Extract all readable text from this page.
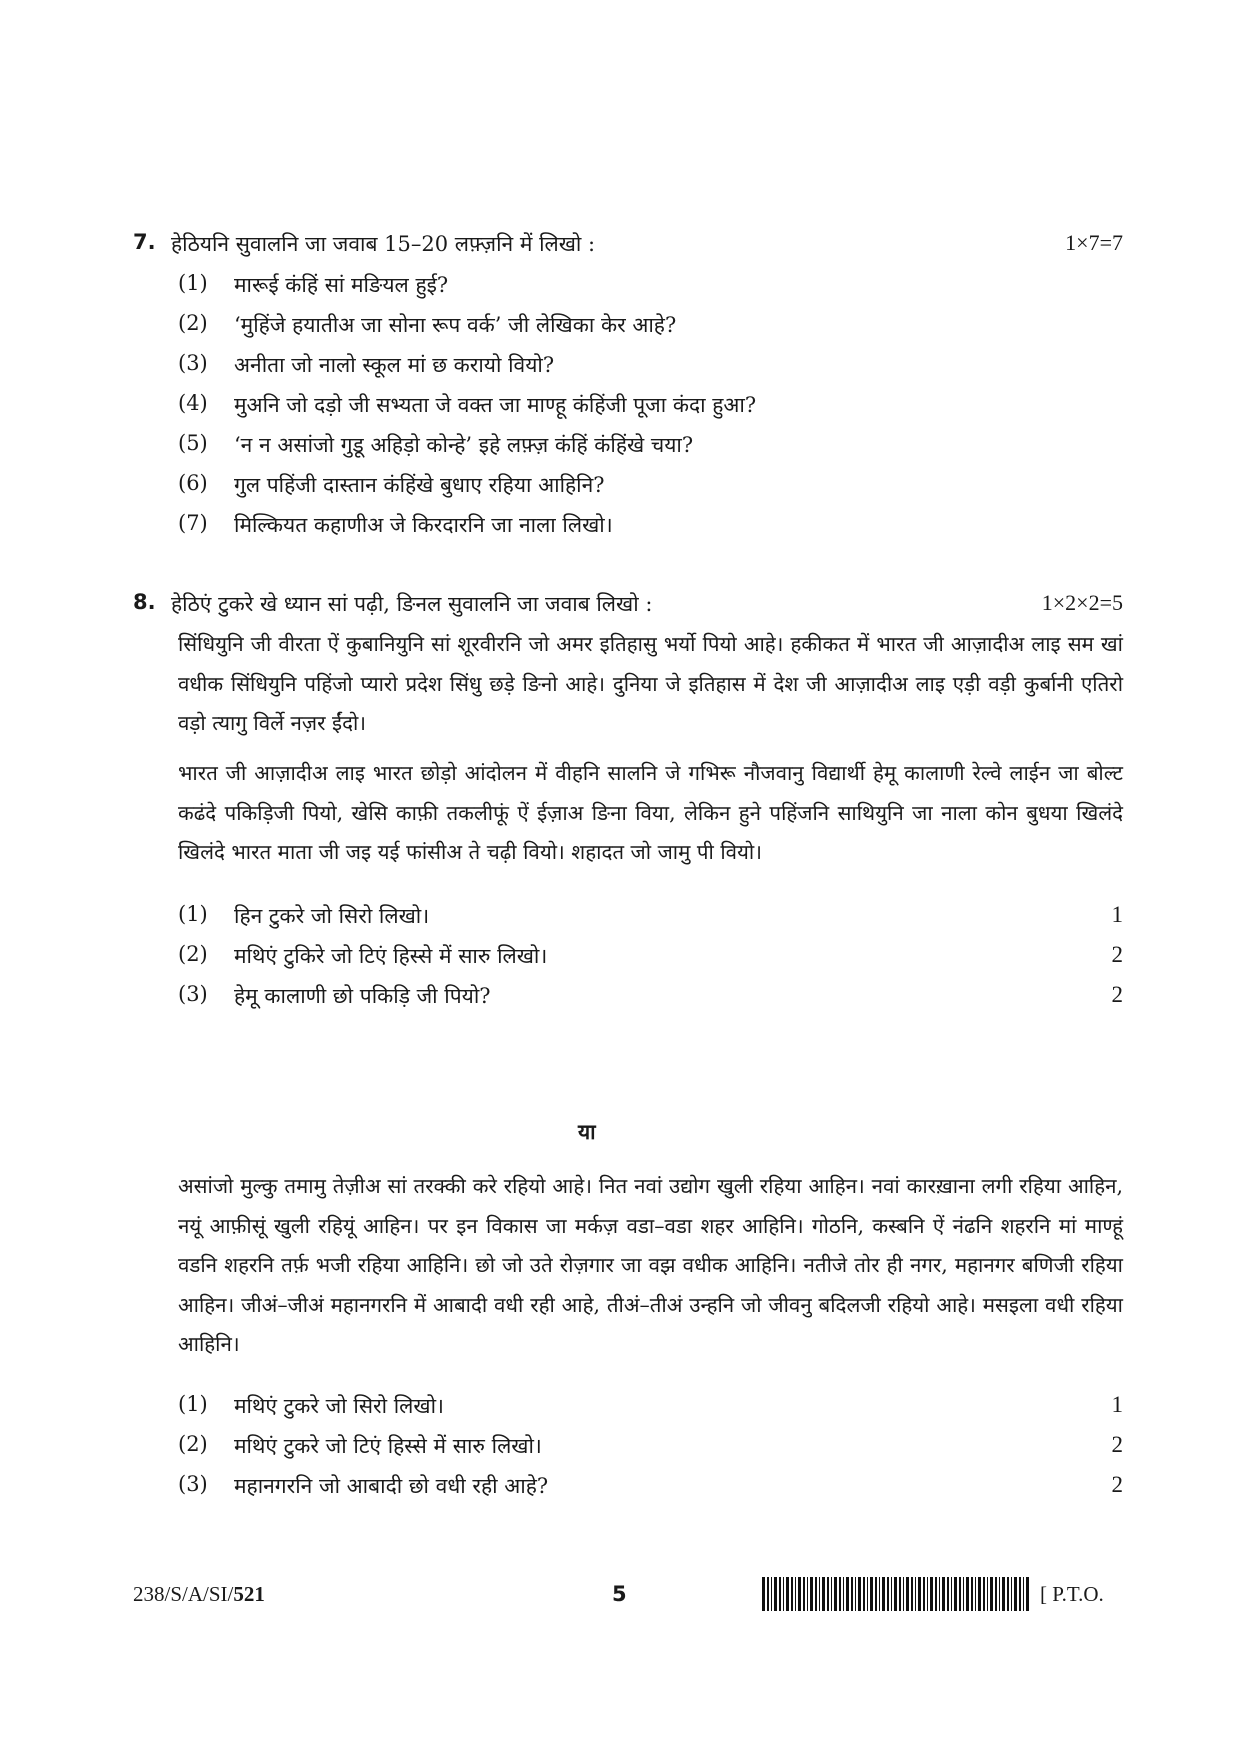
7. हेठियनि सुवालनि जा जवाब 15–20 लफ़्ज़नि में लिखो :	1×7=7
(1) मारूई कंहिं सां मङियल हुई?
(2) ‘मुहिंजे हयातीअ जा सोना रूप वर्क’ जी लेखिका केर आहे?
(3) अनीता जो नालो स्कूल मां छ करायो वियो?
(4) मुअनि जो दड़ो जी सभ्यता जे वक्त जा माण्हू कंहिंजी पूजा कंदा हुआ?
(5) ‘न न असांजो गुडू अहिड़ो कोन्हे’ इहे लफ़्ज़ कंहिं कंहिंखे चया?
(6) गुल पहिंजी दास्तान कंहिंखे बुधाए रहिया आहिनि?
(7) मिल्कियत कहाणीअ जे किरदारनि जा नाला लिखो।
8. हेठिएं टुकरे खे ध्यान सां पढ़ी, ङिनल सुवालनि जा जवाब लिखो :	1×2×2=5
सिंधियुनि जी वीरता ऐं कुबानियुनि सां शूरवीरनि जो अमर इतिहासु भर्यो पियो आहे। हकीकत में भारत जी आज़ादीअ लाइ सम खां वधीक सिंधियुनि पहिंजो प्यारो प्रदेश सिंधु छड़े ङिनो आहे। दुनिया जे इतिहास में देश जी आज़ादीअ लाइ एड़ी वड़ी कुर्बानी एतिरो वड़ो त्यागु विर्ले नज़र ईंदो।
भारत जी आज़ादीअ लाइ भारत छोड़ो आंदोलन में वीहनि सालनि जे गभिरू नौजवानु विद्यार्थी हेमू कालाणी रेल्वे लाईन जा बोल्ट कढंदे पकिड़िजी पियो, खेसि काफ़ी तकलीफूं ऐं ईज़ाअ ङिना विया, लेकिन हुने पहिंजनि साथियुनि जा नाला कोन बुधया खिलंदे खिलंदे भारत माता जी जइ यई फांसीअ ते चढ़ी वियो। शहादत जो जामु पी वियो।
(1) हिन टुकरे जो सिरो लिखो।	1
(2) मथिएं टुकिरे जो टिएं हिस्से में सारु लिखो।	2
(3) हेमू कालाणी छो पकिड़ि जी पियो?	2
या
असांजो मुल्कु तमामु तेज़ीअ सां तरक्की करे रहियो आहे। नित नवां उद्योग खुली रहिया आहिन। नवां कारख़ाना लगी रहिया आहिन, नयूं आफ़ीसूं खुली रहियूं आहिन। पर इन विकास जा मर्कज़ वडा–वडा शहर आहिनि। गोठनि, कस्बनि ऐं नंढनि शहरनि मां माण्हूं वडनि शहरनि तर्फ़ भजी रहिया आहिनि। छो जो उते रोज़गार जा वझ वधीक आहिनि। नतीजे तोर ही नगर, महानगर बणिजी रहिया आहिन। जीअं–जीअं महानगरनि में आबादी वधी रही आहे, तीअं–तीअं उन्हनि जो जीवनु बदिलजी रहियो आहे। मसइला वधी रहिया आहिनि।
(1) मथिएं टुकरे जो सिरो लिखो।	1
(2) मथिएं टुकरे जो टिएं हिस्से में सारु लिखो।	2
(3) महानगरनि जो आबादी छो वधी रही आहे?	2
238/S/A/SI/521	5	[ P.T.O.
